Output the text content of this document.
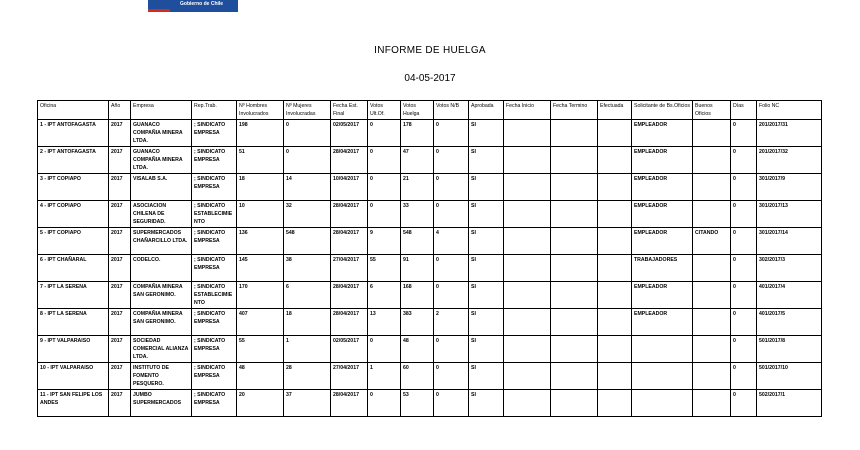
Gobierno de Chile
INFORME DE HUELGA
04-05-2017
Oficina	Año	Empresa	Rep.Trab.	Nº Hombres Involucrados	Nº Mujeres Involucradas	Fecha Est. Final	Votos Ult.Of.	Votos Huelga	Votos N/B	Aprobada	Fecha Inicio	Fecha Termino	Efectuada	Solicitante de Bs.Oficios	Buenos Oficios	Días	Folio NC
1 - IPT ANTOFAGASTA	2017	GUANACO COMPAÑIA MINERA LTDA.	; SINDICATO EMPRESA	198	0	02/05/2017	0	178	0	SI				EMPLEADOR		0	201/2017/31
2 - IPT ANTOFAGASTA	2017	GUANACO COMPAÑIA MINERA LTDA.	; SINDICATO EMPRESA	51	0	28/04/2017	0	47	0	SI				EMPLEADOR		0	201/2017/32
3 - IPT COPIAPO	2017	VISALAB S.A.	; SINDICATO EMPRESA	18	14	10/04/2017	0	21	0	SI				EMPLEADOR		0	301/2017/9
4 - IPT COPIAPO	2017	ASOCIACION CHILENA DE SEGURIDAD.	; SINDICATO ESTABLECIMIENTO	10	32	28/04/2017	0	33	0	SI				EMPLEADOR		0	301/2017/13
5 - IPT COPIAPO	2017	SUPERMERCADOS CHAÑARCILLO LTDA.	; SINDICATO EMPRESA	136	548	28/04/2017	9	548	4	SI				EMPLEADOR	CITANDO	0	301/2017/14
6 - IPT CHAÑARAL	2017	CODELCO.	; SINDICATO EMPRESA	145	38	27/04/2017	55	91	0	SI				TRABAJADORES		0	302/2017/3
7 - IPT LA SERENA	2017	COMPAÑIA MINERA SAN GERONIMO.	; SINDICATO ESTABLECIMIENTO	170	6	28/04/2017	6	168	0	SI				EMPLEADOR		0	401/2017/4
8 - IPT LA SERENA	2017	COMPAÑIA MINERA SAN GERONIMO.	; SINDICATO EMPRESA	407	18	28/04/2017	13	383	2	SI				EMPLEADOR		0	401/2017/5
9 - IPT VALPARAISO	2017	SOCIEDAD COMERCIAL ALIANZA LTDA.	; SINDICATO EMPRESA	55	1	02/05/2017	0	48	0	SI						0	501/2017/8
10 - IPT VALPARAISO	2017	INSTITUTO DE FOMENTO PESQUERO.	; SINDICATO EMPRESA	48	28	27/04/2017	1	60	0	SI						0	501/2017/10
11 - IPT SAN FELIPE LOS ANDES	2017	JUMBO SUPERMERCADOS	; SINDICATO EMPRESA	20	37	28/04/2017	0	53	0	SI						0	502/2017/1
